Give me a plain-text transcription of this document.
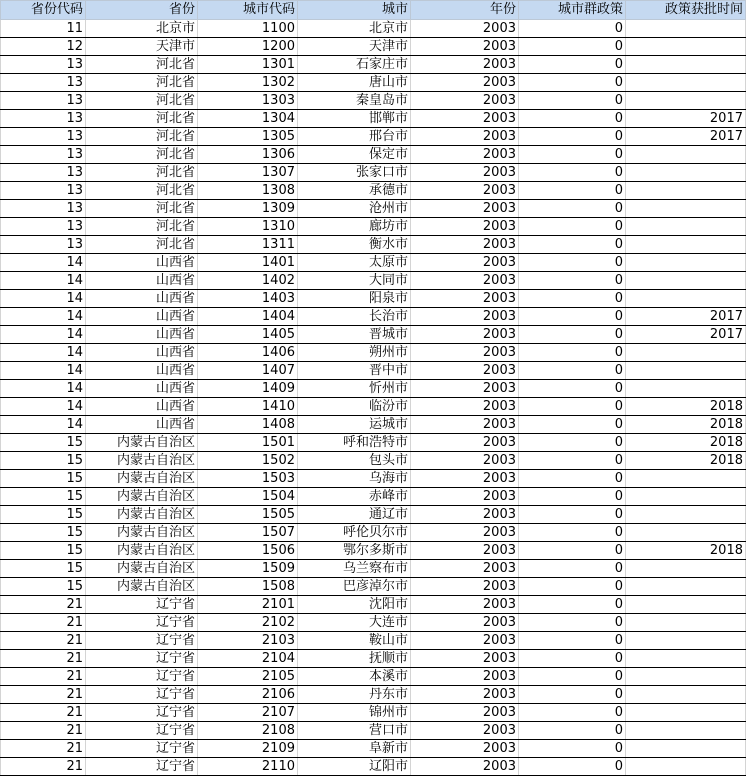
省份代码	省份	城市代码	城市	年份	城市群政策	政策获批时间
11	北京市	1100	北京市	2003	0	
12	天津市	1200	天津市	2003	0	
13	河北省	1301	石家庄市	2003	0	
13	河北省	1302	唐山市	2003	0	
13	河北省	1303	秦皇岛市	2003	0	
13	河北省	1304	邯郸市	2003	0	2017
13	河北省	1305	邢台市	2003	0	2017
13	河北省	1306	保定市	2003	0	
13	河北省	1307	张家口市	2003	0	
13	河北省	1308	承德市	2003	0	
13	河北省	1309	沧州市	2003	0	
13	河北省	1310	廊坊市	2003	0	
13	河北省	1311	衡水市	2003	0	
14	山西省	1401	太原市	2003	0	
14	山西省	1402	大同市	2003	0	
14	山西省	1403	阳泉市	2003	0	
14	山西省	1404	长治市	2003	0	2017
14	山西省	1405	晋城市	2003	0	2017
14	山西省	1406	朔州市	2003	0	
14	山西省	1407	晋中市	2003	0	
14	山西省	1409	忻州市	2003	0	
14	山西省	1410	临汾市	2003	0	2018
14	山西省	1408	运城市	2003	0	2018
15	内蒙古自治区	1501	呼和浩特市	2003	0	2018
15	内蒙古自治区	1502	包头市	2003	0	2018
15	内蒙古自治区	1503	乌海市	2003	0	
15	内蒙古自治区	1504	赤峰市	2003	0	
15	内蒙古自治区	1505	通辽市	2003	0	
15	内蒙古自治区	1507	呼伦贝尔市	2003	0	
15	内蒙古自治区	1506	鄂尔多斯市	2003	0	2018
15	内蒙古自治区	1509	乌兰察布市	2003	0	
15	内蒙古自治区	1508	巴彦淖尔市	2003	0	
21	辽宁省	2101	沈阳市	2003	0	
21	辽宁省	2102	大连市	2003	0	
21	辽宁省	2103	鞍山市	2003	0	
21	辽宁省	2104	抚顺市	2003	0	
21	辽宁省	2105	本溪市	2003	0	
21	辽宁省	2106	丹东市	2003	0	
21	辽宁省	2107	锦州市	2003	0	
21	辽宁省	2108	营口市	2003	0	
21	辽宁省	2109	阜新市	2003	0	
21	辽宁省	2110	辽阳市	2003	0	
